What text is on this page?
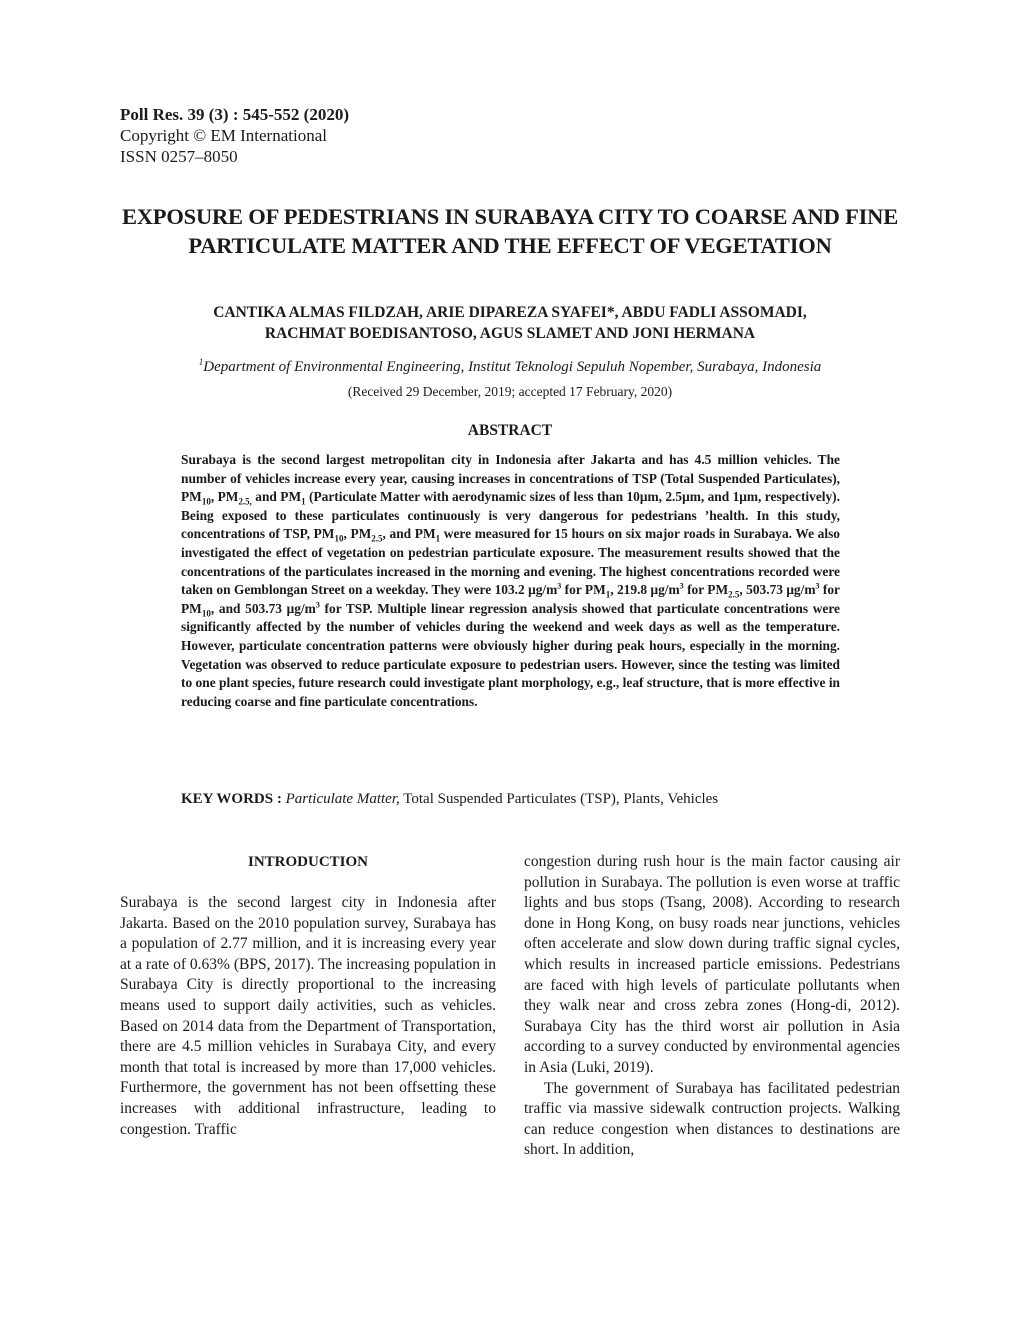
Poll Res. 39 (3) : 545-552 (2020)
Copyright © EM International
ISSN 0257–8050
EXPOSURE OF PEDESTRIANS IN SURABAYA CITY TO COARSE AND FINE PARTICULATE MATTER AND THE EFFECT OF VEGETATION
CANTIKA ALMAS FILDZAH, ARIE DIPAREZA SYAFEI*, ABDU FADLI ASSOMADI,
RACHMAT BOEDISANTOSO, AGUS SLAMET AND JONI HERMANA
$^1$Department of Environmental Engineering, Institut Teknologi Sepuluh Nopember, Surabaya, Indonesia
(Received 29 December, 2019; accepted 17 February, 2020)
ABSTRACT

Surabaya is the second largest metropolitan city in Indonesia after Jakarta and has 4.5 million vehicles. The number of vehicles increase every year, causing increases in concentrations of TSP (Total Suspended Particulates), $PM_{10}$, $PM_{2.5,}$ and $PM_1$ (Particulate Matter with aerodynamic sizes of less than 10μm, 2.5μm, and 1μm, respectively). Being exposed to these particulates continuously is very dangerous for pedestrians ’health. In this study, concentrations of TSP, $PM_{10}$, $PM_{2.5}$, and $PM_1$ were measured for 15 hours on six major roads in Surabaya. We also investigated the effect of vegetation on pedestrian particulate exposure. The measurement results showed that the concentrations of the particulates increased in the morning and evening. The highest concentrations recorded were taken on Gemblongan Street on a weekday. They were 103.2 $\mu g/m^3$ for $PM_1$, 219.8 $\mu g/m^3$ for $PM_{2.5}$, 503.73 $\mu g/m^3$ for $PM_{10}$, and 503.73 $\mu g/m^3$ for TSP. Multiple linear regression analysis showed that particulate concentrations were significantly affected by the number of vehicles during the weekend and week days as well as the temperature. However, particulate concentration patterns were obviously higher during peak hours, especially in the morning. Vegetation was observed to reduce particulate exposure to pedestrian users. However, since the testing was limited to one plant species, future research could investigate plant morphology, e.g., leaf structure, that is more effective in reducing coarse and fine particulate concentrations.

KEY WORDS : Particulate Matter, Total Suspended Particulates (TSP), Plants, Vehicles
INTRODUCTION

Surabaya is the second largest city in Indonesia after Jakarta. Based on the 2010 population survey, Surabaya has a population of 2.77 million, and it is increasing every year at a rate of 0.63% (BPS, 2017). The increasing population in Surabaya City is directly proportional to the increasing means used to support daily activities, such as vehicles. Based on 2014 data from the Department of Transportation, there are 4.5 million vehicles in Surabaya City, and every month that total is increased by more than 17,000 vehicles. Furthermore, the government has not been offsetting these increases with additional infrastructure, leading to congestion. Traffic

congestion during rush hour is the main factor causing air pollution in Surabaya. The pollution is even worse at traffic lights and bus stops (Tsang, 2008). According to research done in Hong Kong, on busy roads near junctions, vehicles often accelerate and slow down during traffic signal cycles, which results in increased particle emissions. Pedestrians are faced with high levels of particulate pollutants when they walk near and cross zebra zones (Hong-di, 2012). Surabaya City has the third worst air pollution in Asia according to a survey conducted by environmental agencies in Asia (Luki, 2019).

The government of Surabaya has facilitated pedestrian traffic via massive sidewalk contruction projects. Walking can reduce congestion when distances to destinations are short. In addition,
